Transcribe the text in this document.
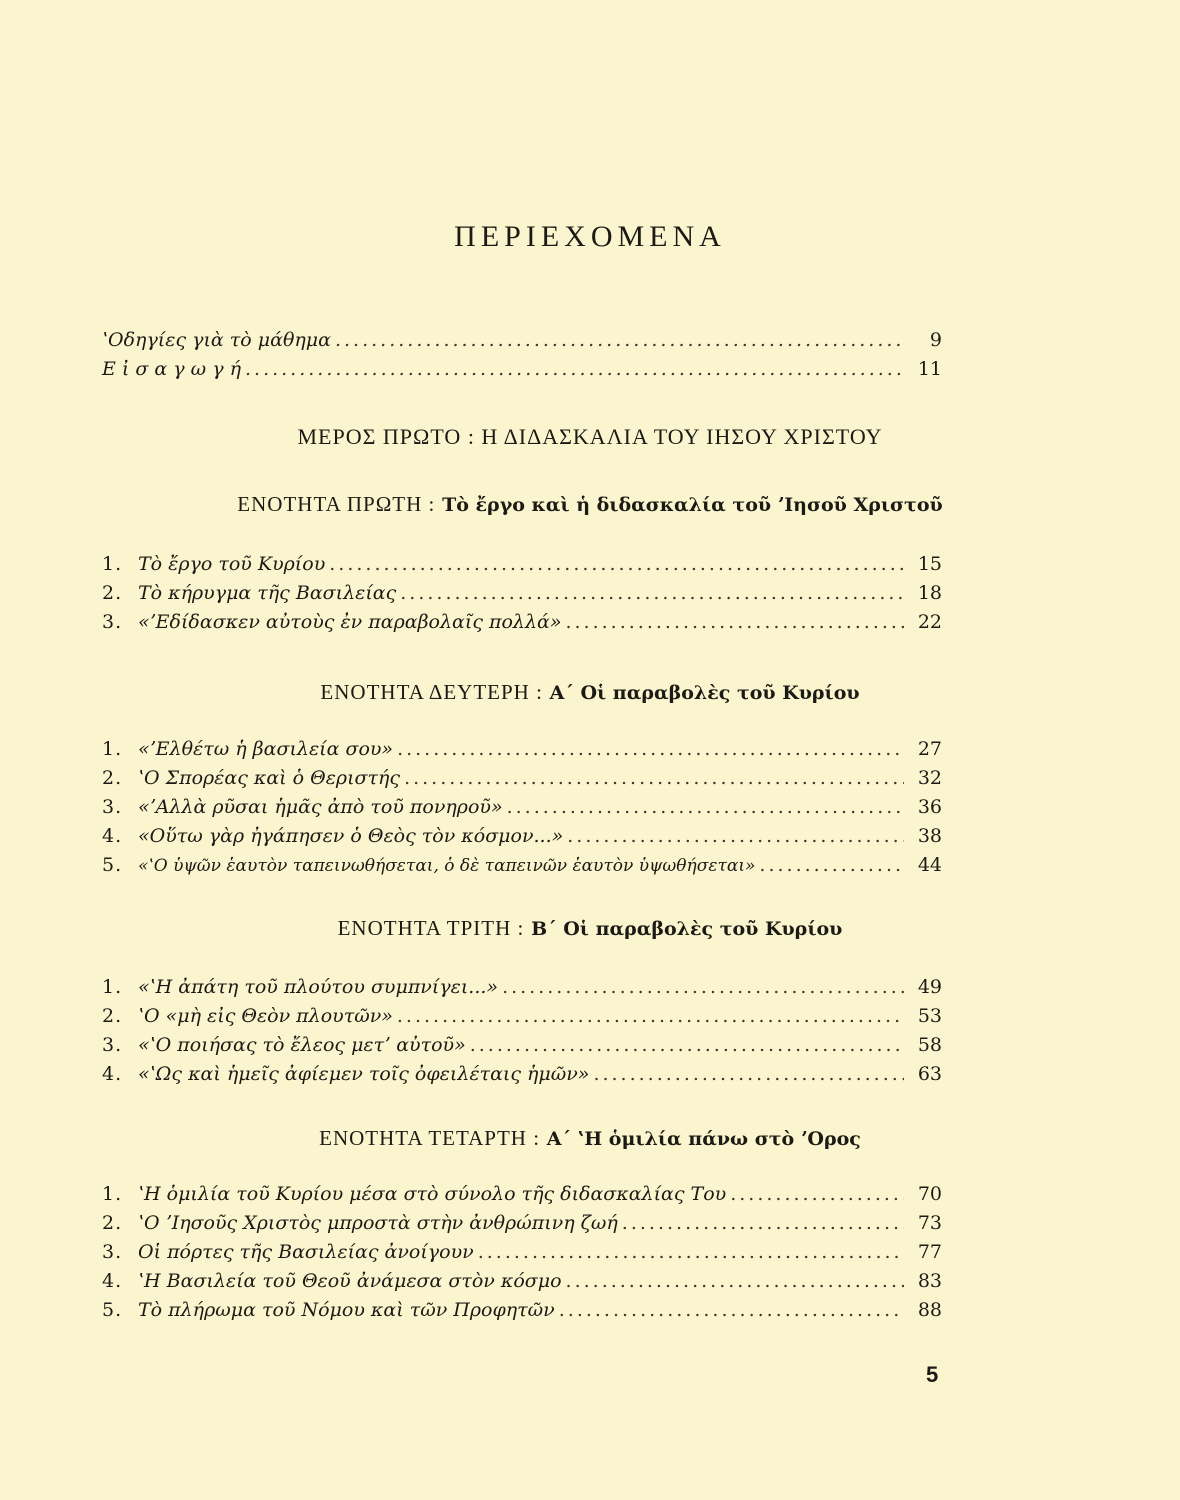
ΠΕΡΙΕΧΟΜΕΝΑ
ʽΟδηγίες γιὰ τὸ μάθημα .....	9
Ε ἰ σ α γ ω γ ή .....	11
ΜΕΡΟΣ ΠΡΩΤΟ : Η ΔΙΔΑΣΚΑΛΙΑ ΤΟΥ ΙΗΣΟΥ ΧΡΙΣΤΟΥ
ΕΝΟΤΗΤΑ ΠΡΩΤΗ : Τὸ ἔργο καὶ ἡ διδασκαλία τοῦ ʼΙησοῦ Χριστοῦ
1. Τὸ ἔργο τοῦ Κυρίου .....	15
2. Τὸ κήρυγμα τῆς Βασιλείας .....	18
3. «ʼΕδίδασκεν αὐτοὺς ἐν παραβολαῖς πολλά» .....	22
ΕΝΟΤΗΤΑ ΔΕΥΤΕΡΗ : Α΄ Οἱ παραβολὲς τοῦ Κυρίου
1. «ʼΕλθέτω ἡ βασιλεία σου» .....	27
2. ʽΟ Σπορέας καὶ ὁ Θεριστής .....	32
3. «ʼΑλλὰ ρῦσαι ἡμᾶς ἀπὸ τοῦ πονηροῦ» .....	36
4. «Οὕτω γὰρ ἠγάπησεν ὁ Θεὸς τὸν κόσμον...» .....	38
5. «ʽΟ ὑψῶν ἑαυτὸν ταπεινωθήσεται, ὁ δὲ ταπεινῶν ἑαυτὸν ὑψωθήσεται» .....	44
ΕΝΟΤΗΤΑ ΤΡΙΤΗ : Β΄ Οἱ παραβολὲς τοῦ Κυρίου
1. «ʽΗ ἀπάτη τοῦ πλούτου συμπνίγει...» .....	49
2. ʽΟ «μὴ εἰς Θεὸν πλουτῶν» .....	53
3. «ʽΟ ποιήσας τὸ ἔλεος μετʼ αὐτοῦ» .....	58
4. «ʽΩς καὶ ἡμεῖς ἀφίεμεν τοῖς ὀφειλέταις ἡμῶν» .....	63
ΕΝΟΤΗΤΑ ΤΕΤΑΡΤΗ : Α΄ ʽΗ ὁμιλία πάνω στὸ ʼΟρος
1. ʽΗ ὁμιλία τοῦ Κυρίου μέσα στὸ σύνολο τῆς διδασκαλίας Του .....	70
2. ʽΟ ʼΙησοῦς Χριστὸς μπροστὰ στὴν ἀνθρώπινη ζωή .....	73
3. Οἱ πόρτες τῆς Βασιλείας ἀνοίγουν .....	77
4. ʽΗ Βασιλεία τοῦ Θεοῦ ἀνάμεσα στὸν κόσμο .....	83
5. Τὸ πλήρωμα τοῦ Νόμου καὶ τῶν Προφητῶν .....	88
5
